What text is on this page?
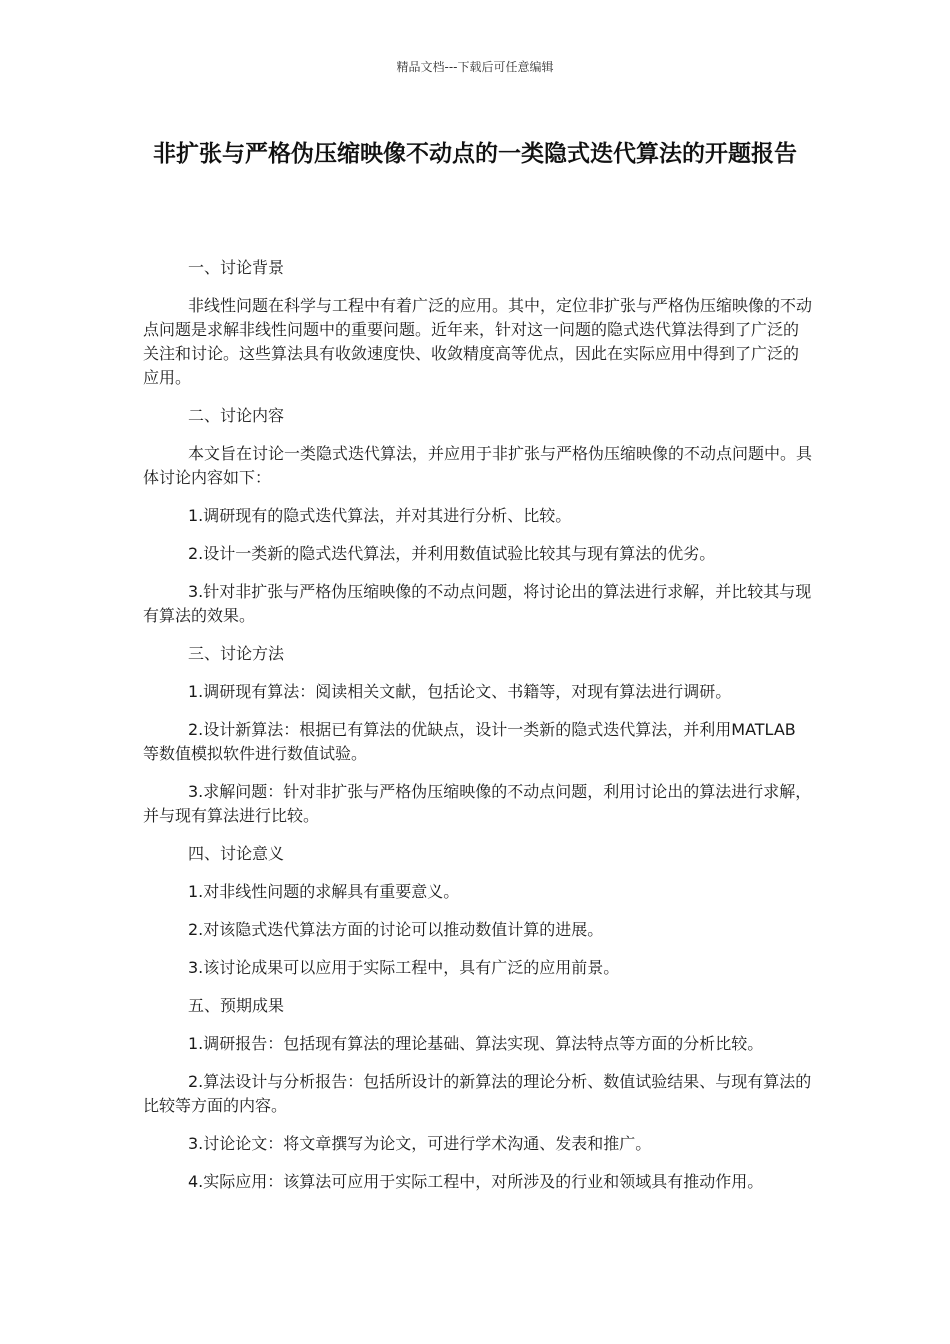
精品文档---下载后可任意编辑
非扩张与严格伪压缩映像不动点的一类隐式迭代算法的开题报告

一、讨论背景

非线性问题在科学与工程中有着广泛的应用。其中，定位非扩张与严格伪压缩映像的不动点问题是求解非线性问题中的重要问题。近年来，针对这一问题的隐式迭代算法得到了广泛的关注和讨论。这些算法具有收敛速度快、收敛精度高等优点，因此在实际应用中得到了广泛的应用。

二、讨论内容

本文旨在讨论一类隐式迭代算法，并应用于非扩张与严格伪压缩映像的不动点问题中。具体讨论内容如下：

1.调研现有的隐式迭代算法，并对其进行分析、比较。

2.设计一类新的隐式迭代算法，并利用数值试验比较其与现有算法的优劣。

3.针对非扩张与严格伪压缩映像的不动点问题，将讨论出的算法进行求解，并比较其与现有算法的效果。

三、讨论方法

1.调研现有算法：阅读相关文献，包括论文、书籍等，对现有算法进行调研。

2.设计新算法：根据已有算法的优缺点，设计一类新的隐式迭代算法，并利用MATLAB 等数值模拟软件进行数值试验。

3.求解问题：针对非扩张与严格伪压缩映像的不动点问题，利用讨论出的算法进行求解，并与现有算法进行比较。

四、讨论意义

1.对非线性问题的求解具有重要意义。

2.对该隐式迭代算法方面的讨论可以推动数值计算的进展。

3.该讨论成果可以应用于实际工程中，具有广泛的应用前景。

五、预期成果

1.调研报告：包括现有算法的理论基础、算法实现、算法特点等方面的分析比较。

2.算法设计与分析报告：包括所设计的新算法的理论分析、数值试验结果、与现有算法的比较等方面的内容。

3.讨论论文：将文章撰写为论文，可进行学术沟通、发表和推广。

4.实际应用：该算法可应用于实际工程中，对所涉及的行业和领域具有推动作用。
